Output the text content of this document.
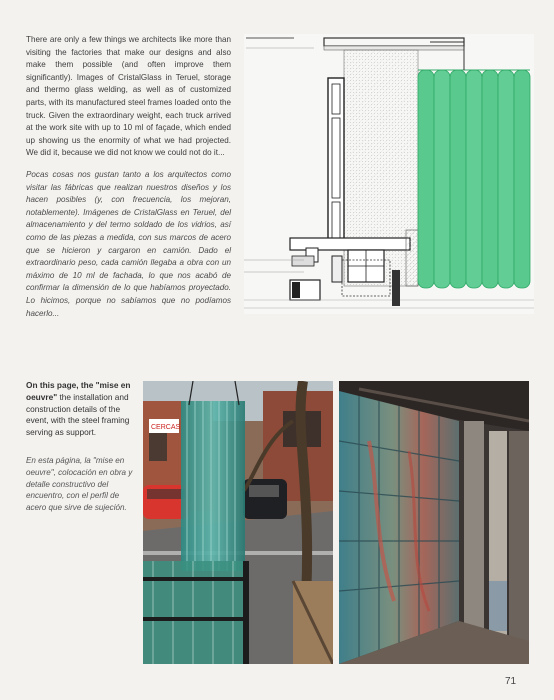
There are only a few things we architects like more than visiting the factories that make our designs and also make them possible (and often improve them significantly). Images of CristalGlass in Teruel, storage and thermo glass welding, as well as of customized parts, with its manufactured steel frames loaded onto the truck. Given the extraordinary weight, each truck arrived at the work site with up to 10 ml of façade, which ended up showing us the enormity of what we had projected. We did it, because we did not know we could not do it...
Pocas cosas nos gustan tanto a los arquitectos como visitar las fábricas que realizan nuestros diseños y los hacen posibles (y, con frecuencia, los mejoran, notablemente). Imágenes de CristalGlass en Teruel, del almacenamiento y del termo soldado de los vidrios, así como de las piezas a medida, con sus marcos de acero que se hicieron y cargaron en camión. Dado el extraordinario peso, cada camión llegaba a obra con un máximo de 10 ml de fachada, lo que nos acabó de confirmar la dimensión de lo que habíamos proyectado. Lo hicimos, porque no sabíamos que no podíamos hacerlo...
On this page, the "mise en oeuvre" the installation and construction details of the event, with the steel framing serving as support.
En esta página, la "mise en oeuvre", colocación en obra y detalle constructivo del encuentro, con el perfil de acero que sirve de sujeción.
CERCAS
71
